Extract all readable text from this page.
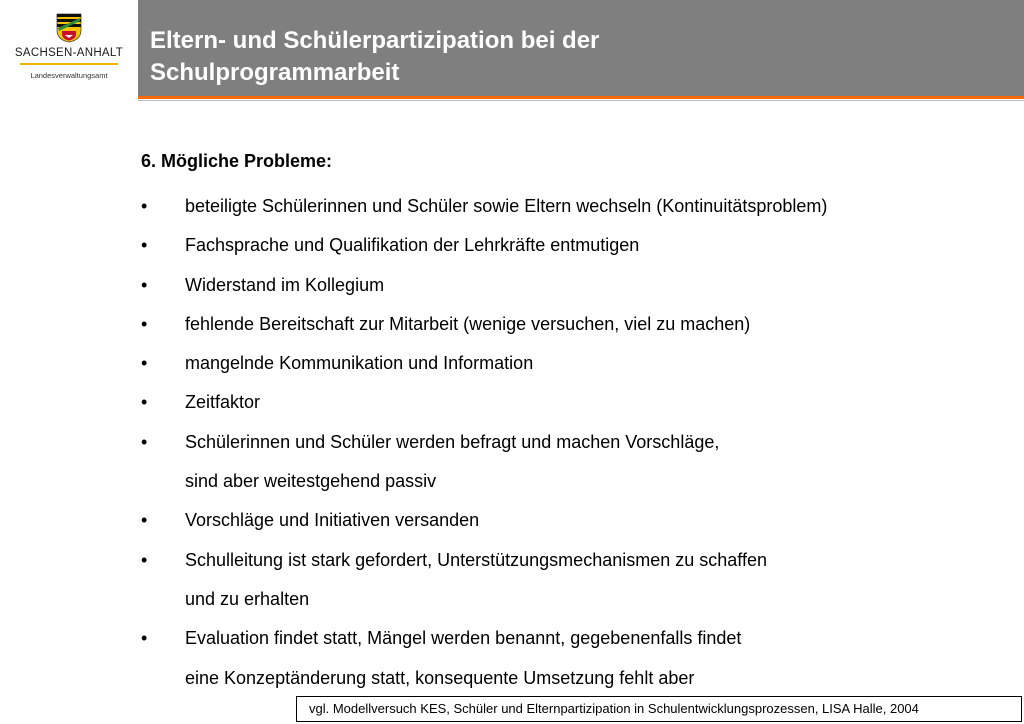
SACHSEN-ANHALT
Landesverwaltungsamt
Eltern- und Schülerpartizipation bei der Schulprogrammarbeit
6. Mögliche Probleme:
• beteiligte Schülerinnen und Schüler sowie Eltern wechseln (Kontinuitätsproblem)
• Fachsprache und Qualifikation der Lehrkräfte entmutigen
• Widerstand im Kollegium
• fehlende Bereitschaft zur Mitarbeit (wenige versuchen, viel zu machen)
• mangelnde Kommunikation und Information
• Zeitfaktor
• Schülerinnen und Schüler werden befragt und machen Vorschläge,
sind aber weitestgehend passiv
• Vorschläge und Initiativen versanden
• Schulleitung ist stark gefordert, Unterstützungsmechanismen zu schaffen
und zu erhalten
• Evaluation findet statt, Mängel werden benannt, gegebenenfalls findet
eine Konzeptänderung statt, konsequente Umsetzung fehlt aber
vgl. Modellversuch KES, Schüler und Elternpartizipation in Schulentwicklungsprozessen, LISA Halle, 2004
